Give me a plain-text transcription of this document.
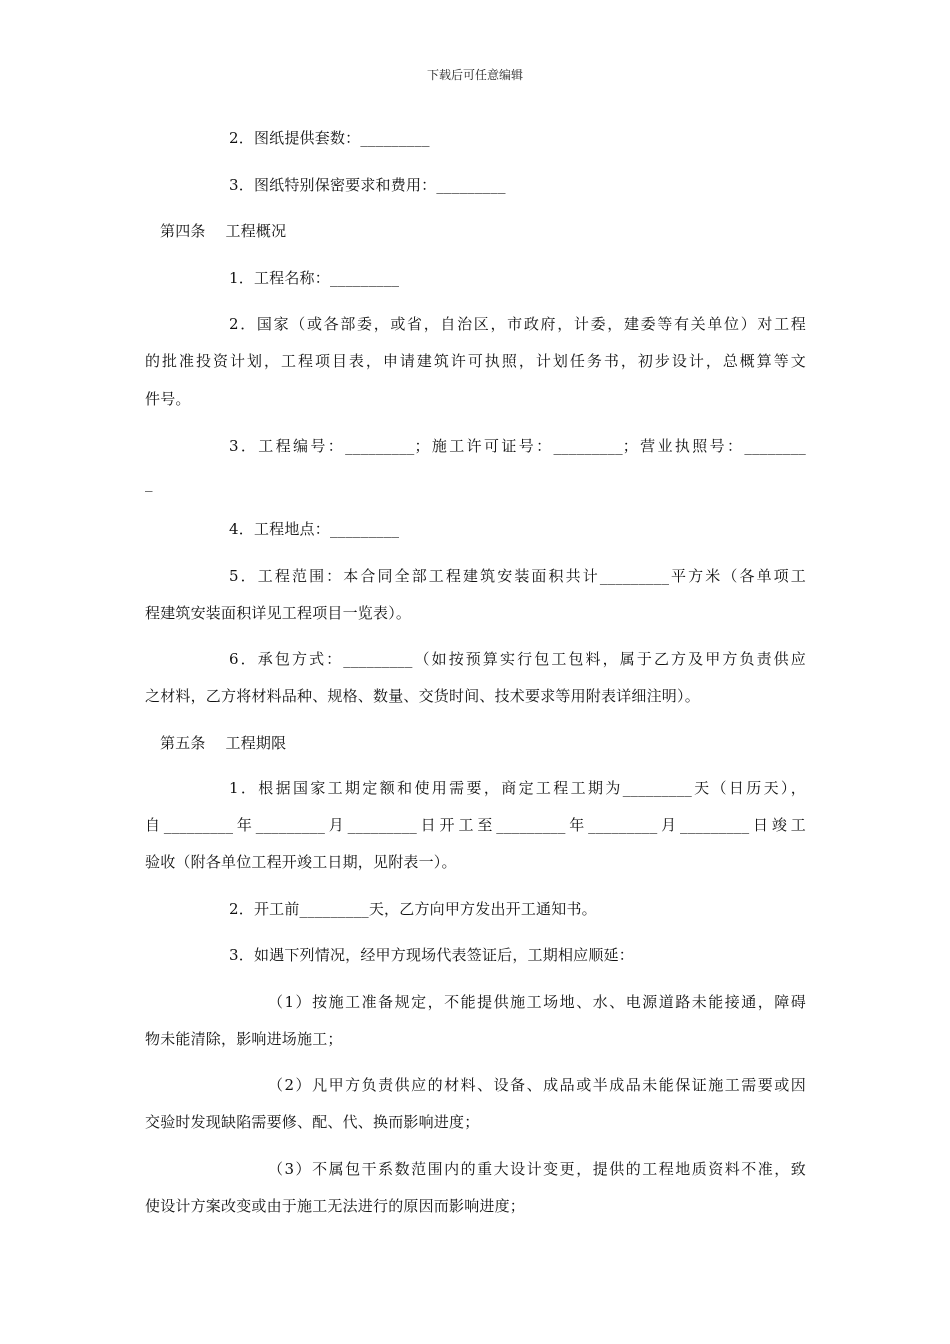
下载后可任意编辑
2．图纸提供套数：_________
3．图纸特别保密要求和费用：_________
第四条    工程概况
1．工程名称：_________
2．国家（或各部委，或省，自治区，市政府，计委，建委等有关单位）对工程
的批准投资计划，工程项目表，申请建筑许可执照，计划任务书，初步设计，总概算等文
件号。
3．工程编号：_________；施工许可证号：_________；营业执照号：________
_
4．工程地点：_________
5．工程范围：本合同全部工程建筑安装面积共计_________平方米（各单项工
程建筑安装面积详见工程项目一览表）。
6．承包方式：_________（如按预算实行包工包料，属于乙方及甲方负责供应
之材料，乙方将材料品种、规格、数量、交货时间、技术要求等用附表详细注明）。
第五条    工程期限
1．根据国家工期定额和使用需要，商定工程工期为_________天（日历天），
自_________年_________月_________日开工至_________年_________月_________日竣工
验收（附各单位工程开竣工日期，见附表一）。
2．开工前_________天，乙方向甲方发出开工通知书。
3．如遇下列情况，经甲方现场代表签证后，工期相应顺延：
（1）按施工准备规定，不能提供施工场地、水、电源道路未能接通，障碍
物未能清除，影响进场施工；
（2）凡甲方负责供应的材料、设备、成品或半成品未能保证施工需要或因
交验时发现缺陷需要修、配、代、换而影响进度；
（3）不属包干系数范围内的重大设计变更，提供的工程地质资料不准，致
使设计方案改变或由于施工无法进行的原因而影响进度；
